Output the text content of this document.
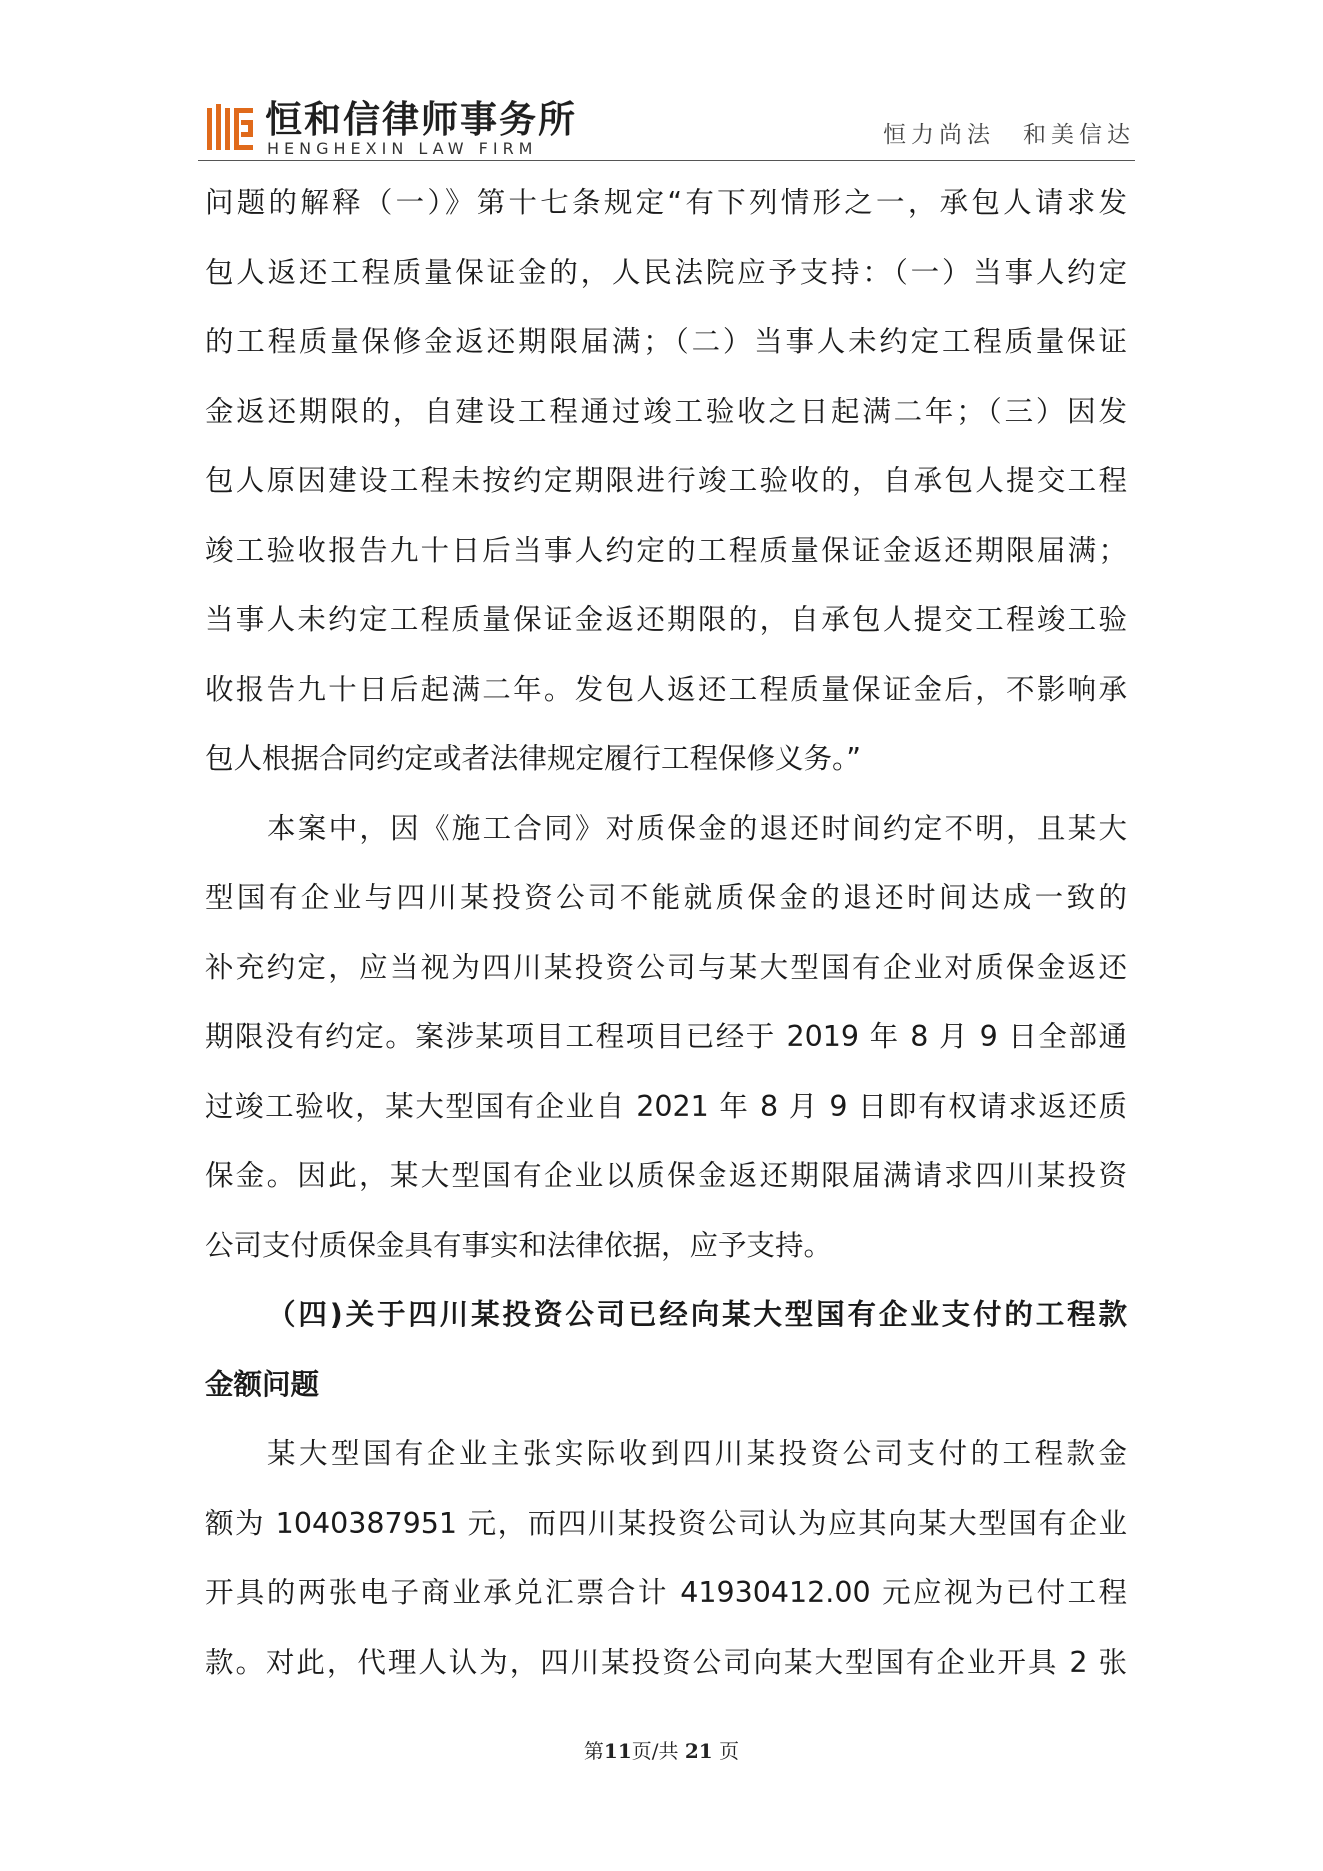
恒和信律师事务所
HENGHEXIN LAW FIRM
恒力尚法　和美信达
问题的解释（一）》第十七条规定“有下列情形之一，承包人请求发
包人返还工程质量保证金的，人民法院应予支持：（一）当事人约定
的工程质量保修金返还期限届满；（二）当事人未约定工程质量保证
金返还期限的，自建设工程通过竣工验收之日起满二年；（三）因发
包人原因建设工程未按约定期限进行竣工验收的，自承包人提交工程
竣工验收报告九十日后当事人约定的工程质量保证金返还期限届满；
当事人未约定工程质量保证金返还期限的，自承包人提交工程竣工验
收报告九十日后起满二年。发包人返还工程质量保证金后，不影响承
包人根据合同约定或者法律规定履行工程保修义务。”
本案中，因《施工合同》对质保金的退还时间约定不明，且某大
型国有企业与四川某投资公司不能就质保金的退还时间达成一致的
补充约定，应当视为四川某投资公司与某大型国有企业对质保金返还
期限没有约定。案涉某项目工程项目已经于 2019 年 8 月 9 日全部通
过竣工验收，某大型国有企业自 2021 年 8 月 9 日即有权请求返还质
保金。因此，某大型国有企业以质保金返还期限届满请求四川某投资
公司支付质保金具有事实和法律依据，应予支持。
（四)关于四川某投资公司已经向某大型国有企业支付的工程款
金额问题
某大型国有企业主张实际收到四川某投资公司支付的工程款金
额为 1040387951 元，而四川某投资公司认为应其向某大型国有企业
开具的两张电子商业承兑汇票合计 41930412.00 元应视为已付工程
款。对此，代理人认为，四川某投资公司向某大型国有企业开具 2 张
第11页/共 21 页
